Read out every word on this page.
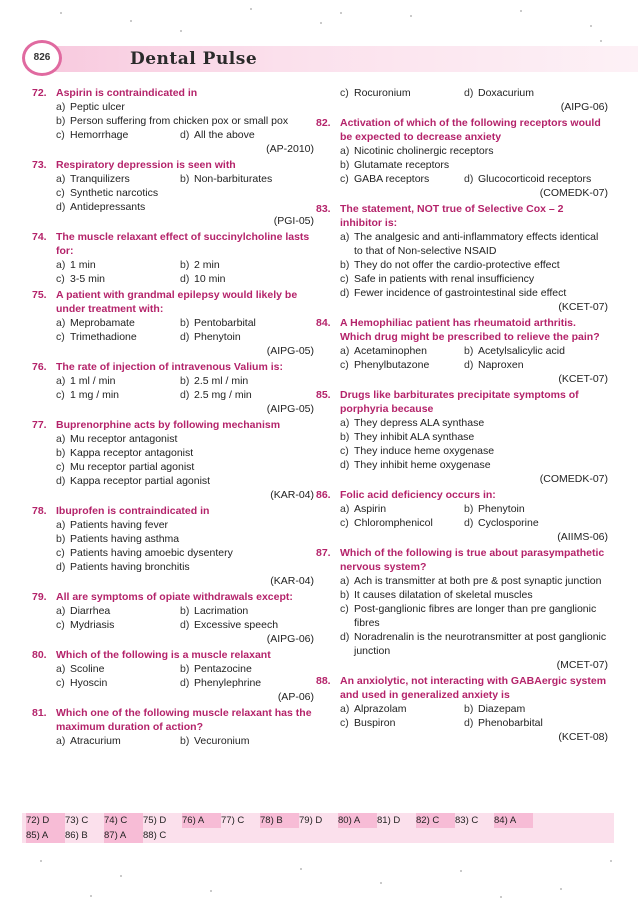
826	Dental Pulse
72. Aspirin is contraindicated in
a) Peptic ulcer
b) Person suffering from chicken pox or small pox
c) Hemorrhage	d) All the above
(AP-2010)
73. Respiratory depression is seen with
a) Tranquilizers	b) Non-barbiturates
c) Synthetic narcotics
d) Antidepressants
(PGI-05)
74. The muscle relaxant effect of succinylcholine lasts for:
a) 1 min	b) 2 min
c) 3-5 min	d) 10 min
75. A patient with grandmal epilepsy would likely be under treatment with:
a) Meprobamate	b) Pentobarbital
c) Trimethadione	d) Phenytoin
(AIPG-05)
76. The rate of injection of intravenous Valium is:
a) 1 ml / min	b) 2.5 ml / min
c) 1 mg / min	d) 2.5 mg / min
(AIPG-05)
77. Buprenorphine acts by following mechanism
a) Mu receptor antagonist
b) Kappa receptor antagonist
c) Mu receptor partial agonist
d) Kappa receptor partial agonist
(KAR-04)
78. Ibuprofen is contraindicated in
a) Patients having fever
b) Patients having asthma
c) Patients having amoebic dysentery
d) Patients having bronchitis
(KAR-04)
79. All are symptoms of opiate withdrawals except:
a) Diarrhea	b) Lacrimation
c) Mydriasis	d) Excessive speech
(AIPG-06)
80. Which of the following is a muscle relaxant
a) Scoline	b) Pentazocine
c) Hyoscin	d) Phenylephrine
(AP-06)
81. Which one of the following muscle relaxant has the maximum duration of action?
a) Atracurium	b) Vecuronium
c) Rocuronium	d) Doxacurium
(AIPG-06)
82. Activation of which of the following receptors would be expected to decrease anxiety
a) Nicotinic cholinergic receptors
b) Glutamate receptors
c) GABA receptors	d) Glucocorticoid receptors
(COMEDK-07)
83. The statement, NOT true of Selective Cox – 2 inhibitor is:
a) The analgesic and anti-inflammatory effects identical to that of Non-selective NSAID
b) They do not offer the cardio-protective effect
c) Safe in patients with renal insufficiency
d) Fewer incidence of gastrointestinal side effect
(KCET-07)
84. A Hemophiliac patient has rheumatoid arthritis. Which drug might be prescribed to relieve the pain?
a) Acetaminophen	b) Acetylsalicylic acid
c) Phenylbutazone	d) Naproxen
(KCET-07)
85. Drugs like barbiturates precipitate symptoms of porphyria because
a) They depress ALA synthase
b) They inhibit ALA synthase
c) They induce heme oxygenase
d) They inhibit heme oxygenase
(COMEDK-07)
86. Folic acid deficiency occurs in:
a) Aspirin	b) Phenytoin
c) Chloromphenicol	d) Cyclosporine
(AIIMS-06)
87. Which of the following is true about parasympathetic nervous system?
a) Ach is transmitter at both pre & post synaptic junction
b) It causes dilatation of skeletal muscles
c) Post-ganglionic fibres are longer than pre ganglionic fibres
d) Noradrenalin is the neurotransmitter at post ganglionic junction
(MCET-07)
88. An anxiolytic, not interacting with GABAergic system and used in generalized anxiety is
a) Alprazolam	b) Diazepam
c) Buspiron	d) Phenobarbital
(KCET-08)
72) D	73) C	74) C	75) D	76) A	77) C	78) B	79) D	80) A	81) D	82) C	83) C	84) A
85) A	86) B	87) A	88) C
